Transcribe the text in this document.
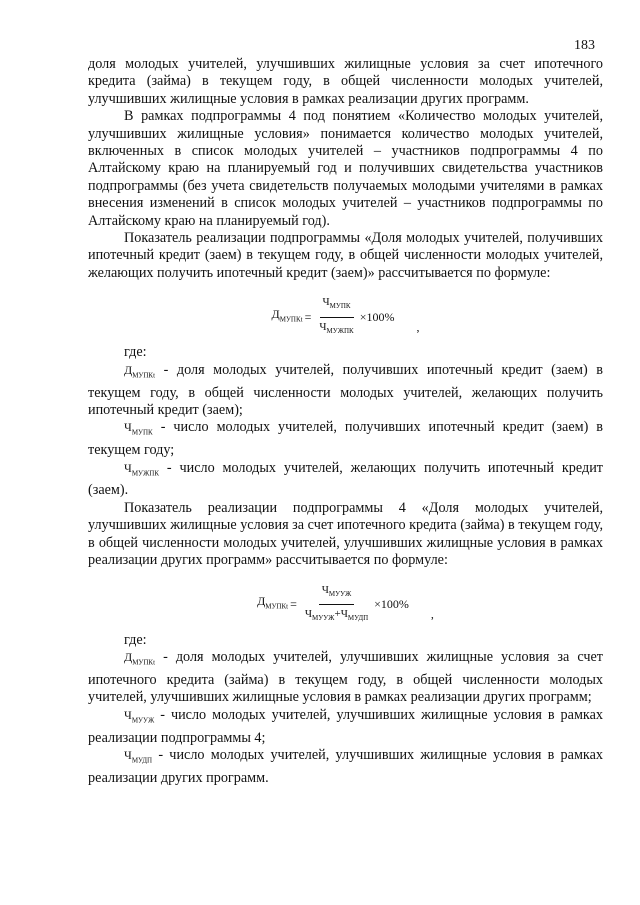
183

доля молодых учителей, улучшивших жилищные условия за счет ипотечного кредита (займа) в текущем году, в общей численности молодых учителей, улучшивших жилищные условия в рамках реализации других программ.

В рамках подпрограммы 4 под понятием «Количество молодых учителей, улучшивших жилищные условия» понимается количество молодых учителей, включенных в список молодых учителей – участников подпрограммы 4 по Алтайскому краю на планируемый год и получивших свидетельства участников подпрограммы (без учета свидетельств получаемых молодыми учителями в рамках внесения изменений в список молодых учителей – участников подпрограммы по Алтайскому краю на планируемый год).

Показатель реализации подпрограммы «Доля молодых учителей, получивших ипотечный кредит (заем) в текущем году, в общей численности молодых учителей, желающих получить ипотечный кредит (заем)» рассчитывается по формуле:

$Д_{МУПКt} = \frac{Ч_{МУПК}}{Ч_{МУЖПК}} \times 100\%$
,

где:

$Д_{МУПКt}$ - доля молодых учителей, получивших ипотечный кредит (заем) в текущем году, в общей численности молодых учителей, желающих получить ипотечный кредит (заем);

$Ч_{МУПК}$ - число молодых учителей, получивших ипотечный кредит (заем) в текущем году;

$Ч_{МУЖПК}$ - число молодых учителей, желающих получить ипотечный кредит (заем).

Показатель реализации подпрограммы 4 «Доля молодых учителей, улучшивших жилищные условия за счет ипотечного кредита (займа) в текущем году, в общей численности молодых учителей, улучшивших жилищные условия в рамках реализации других программ» рассчитывается по формуле:

$Д_{МУПКt} = \frac{Ч_{МУУЖ}}{Ч_{МУУЖ}+Ч_{МУДП}} \times 100\%$
,

где:

$Д_{МУПКt}$ - доля молодых учителей, улучшивших жилищные условия за счет ипотечного кредита (займа) в текущем году, в общей численности молодых учителей, улучшивших жилищные условия в рамках реализации других программ;

$Ч_{МУУЖ}$ - число молодых учителей, улучшивших жилищные условия в рамках реализации подпрограммы 4;

$Ч_{МУДП}$ - число молодых учителей, улучшивших жилищные условия в рамках реализации других программ.
